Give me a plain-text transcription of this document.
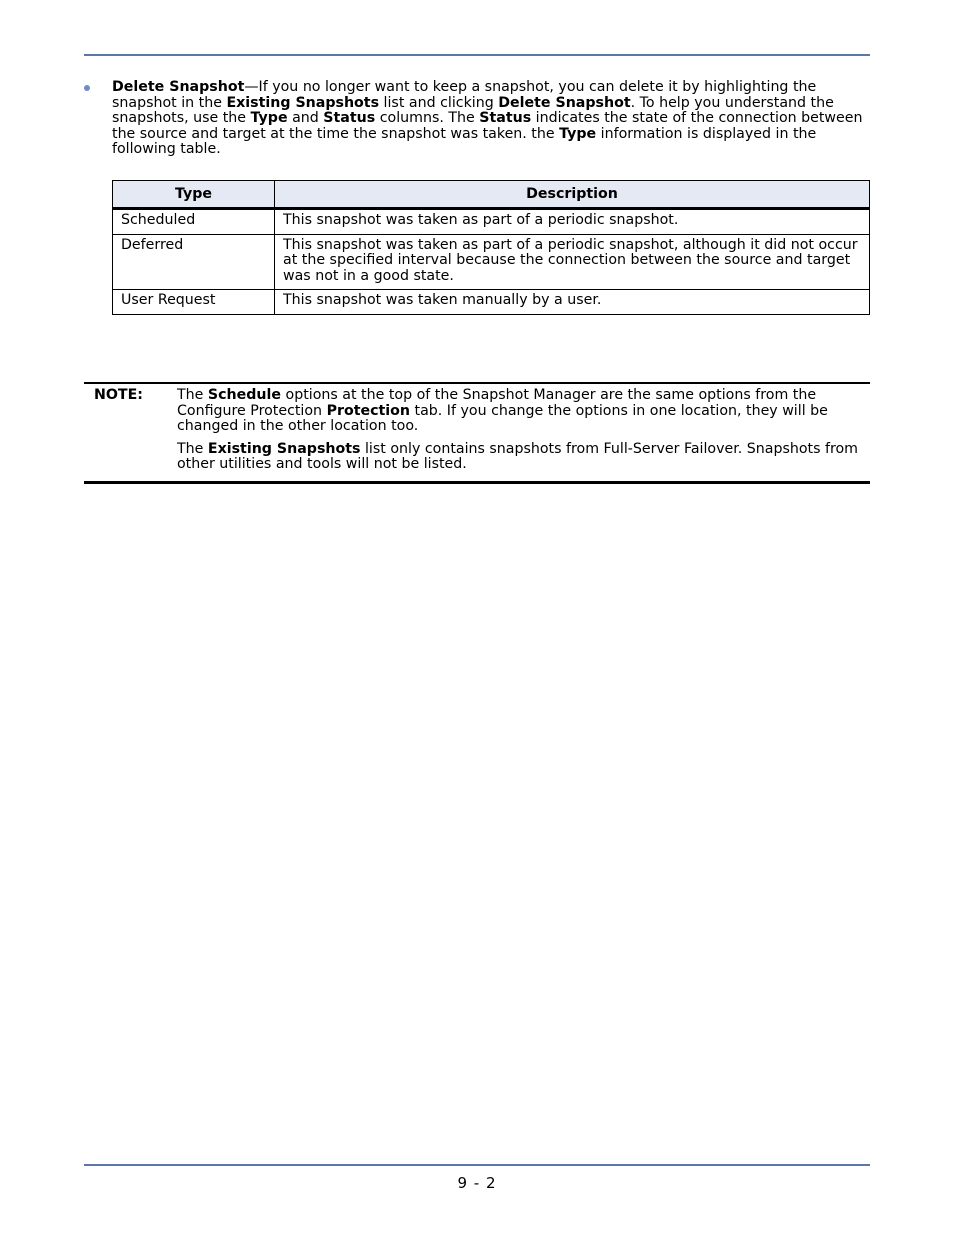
Delete Snapshot—If you no longer want to keep a snapshot, you can delete it by highlighting the snapshot in the Existing Snapshots list and clicking Delete Snapshot. To help you understand the snapshots, use the Type and Status columns. The Status indicates the state of the connection between the source and target at the time the snapshot was taken. the Type information is displayed in the following table.
Type	Description
Scheduled	This snapshot was taken as part of a periodic snapshot.
Deferred	This snapshot was taken as part of a periodic snapshot, although it did not occur at the specified interval because the connection between the source and target was not in a good state.
User Request	This snapshot was taken manually by a user.
NOTE: The Schedule options at the top of the Snapshot Manager are the same options from the Configure Protection Protection tab. If you change the options in one location, they will be changed in the other location too.

The Existing Snapshots list only contains snapshots from Full-Server Failover. Snapshots from other utilities and tools will not be listed.

9 - 2
